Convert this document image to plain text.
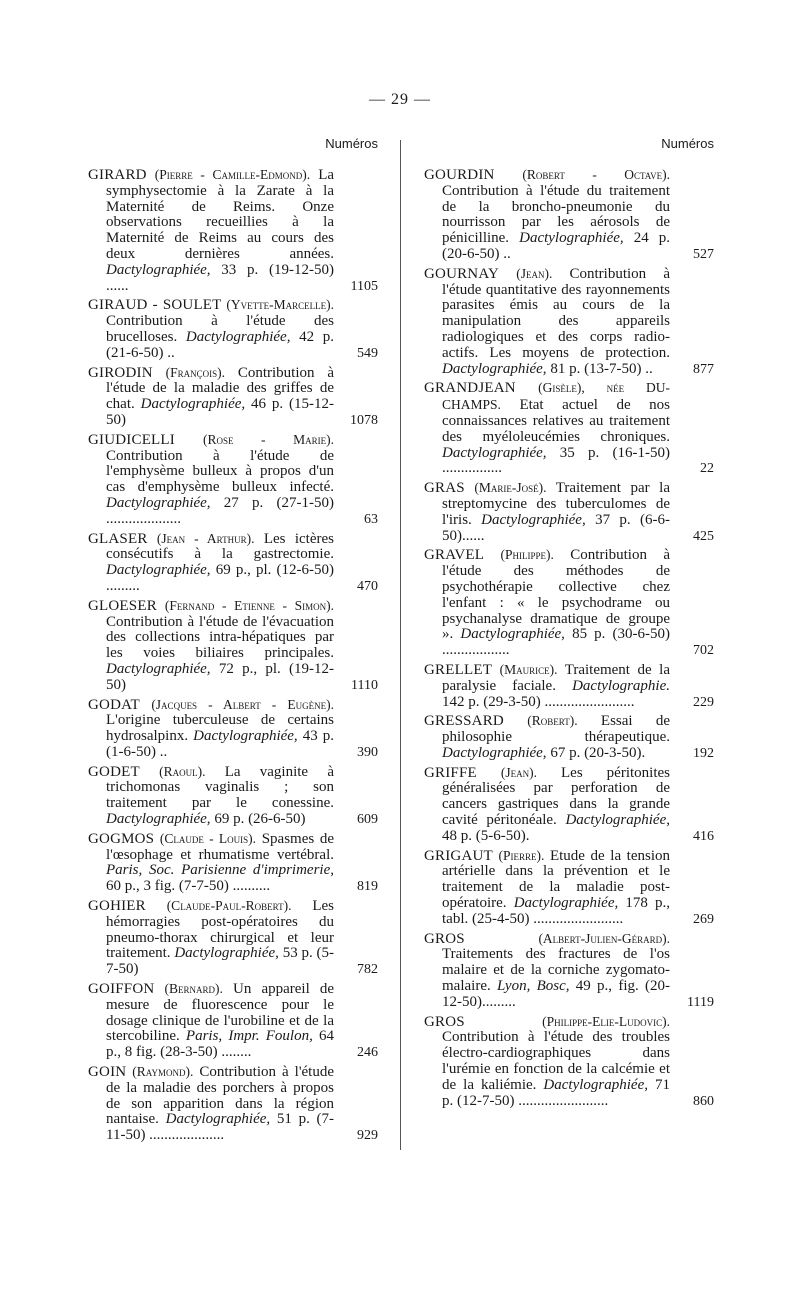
— 29 —
Numéros
GIRARD (Pierre - Camille-Edmond). La symphysectomie à la Zarate à la Maternité de Reims. Onze observations recueillies à la Maternité de Reims au cours des deux dernières années. Dactylographiée, 33 p. (19-12-50) ......	1105
GIRAUD - SOULET (Yvette-Marcelle). Contribution à l'étude des brucelloses. Dactylographiée, 42 p. (21-6-50) ..	549
GIRODIN (François). Contribution à l'étude de la maladie des griffes de chat. Dactylographiée, 46 p. (15-12-50)	1078
GIUDICELLI (Rose - Marie). Contribution à l'étude de l'emphysème bulleux à propos d'un cas d'emphysème bulleux infecté. Dactylographiée, 27 p. (27-1-50) ....................	63
GLASER (Jean - Arthur). Les ictères consécutifs à la gastrectomie. Dactylographiée, 69 p., pl. (12-6-50) .........	470
GLOESER (Fernand - Etienne - Simon). Contribution à l'étude de l'évacuation des collections intra-hépatiques par les voies biliaires principales. Dactylographiée, 72 p., pl. (19-12-50)	1110
GODAT (Jacques - Albert - Eugène). L'origine tuberculeuse de certains hydrosalpinx. Dactylographiée, 43 p. (1-6-50) ..	390
GODET (Raoul). La vaginite à trichomonas vaginalis ; son traitement par le conessine. Dactylographiée, 69 p. (26-6-50)	609
GOGMOS (Claude - Louis). Spasmes de l'œsophage et rhumatisme vertébral. Paris, Soc. Parisienne d'imprimerie, 60 p., 3 fig. (7-7-50) ..........	819
GOHIER (Claude-Paul-Robert). Les hémorragies post-opératoires du pneumo-thorax chirurgical et leur traitement. Dactylographiée, 53 p. (5-7-50)	782
GOIFFON (Bernard). Un appareil de mesure de fluorescence pour le dosage clinique de l'urobiline et de la stercobiline. Paris, Impr. Foulon, 64 p., 8 fig. (28-3-50) ........	246
GOIN (Raymond). Contribution à l'étude de la maladie des porchers à propos de son apparition dans la région nantaise. Dactylographiée, 51 p. (7-11-50) ....................	929
Numéros
GOURDIN (Robert - Octave). Contribution à l'étude du traitement de la broncho-pneumonie du nourrisson par les aérosols de pénicilline. Dactylographiée, 24 p. (20-6-50) ..	527
GOURNAY (Jean). Contribution à l'étude quantitative des rayonnements parasites émis au cours de la manipulation des appareils radiologiques et des corps radio-actifs. Les moyens de protection. Dactylographiée, 81 p. (13-7-50) ..	877
GRANDJEAN (Gisèle), née DU-CHAMPS. Etat actuel de nos connaissances relatives au traitement des myéloleucémies chroniques. Dactylographiée, 35 p. (16-1-50) ................	22
GRAS (Marie-José). Traitement par la streptomycine des tuberculomes de l'iris. Dactylographiée, 37 p. (6-6-50)......	425
GRAVEL (Philippe). Contribution à l'étude des méthodes de psychothérapie collective chez l'enfant : « le psychodrame ou psychanalyse dramatique de groupe ». Dactylographiée, 85 p. (30-6-50) ..................	702
GRELLET (Maurice). Traitement de la paralysie faciale. Dactylographie. 142 p. (29-3-50) ........................	229
GRESSARD (Robert). Essai de philosophie thérapeutique. Dactylographiée, 67 p. (20-3-50).	192
GRIFFE (Jean). Les péritonites généralisées par perforation de cancers gastriques dans la grande cavité péritonéale. Dactylographiée, 48 p. (5-6-50).	416
GRIGAUT (Pierre). Etude de la tension artérielle dans la prévention et le traitement de la maladie post-opératoire. Dactylographiée, 178 p., tabl. (25-4-50) ........................	269
GROS	(Albert-Julien-Gérard). Traitements des fractures de l'os malaire et de la corniche zygomato-malaire. Lyon, Bosc, 49 p., fig. (20-12-50).........	1119
GROS	(Philippe-Elie-Ludovic). Contribution à l'étude des troubles électro-cardiographiques dans l'urémie en fonction de la calcémie et de la kaliémie. Dactylographiée, 71 p. (12-7-50) ........................	860
